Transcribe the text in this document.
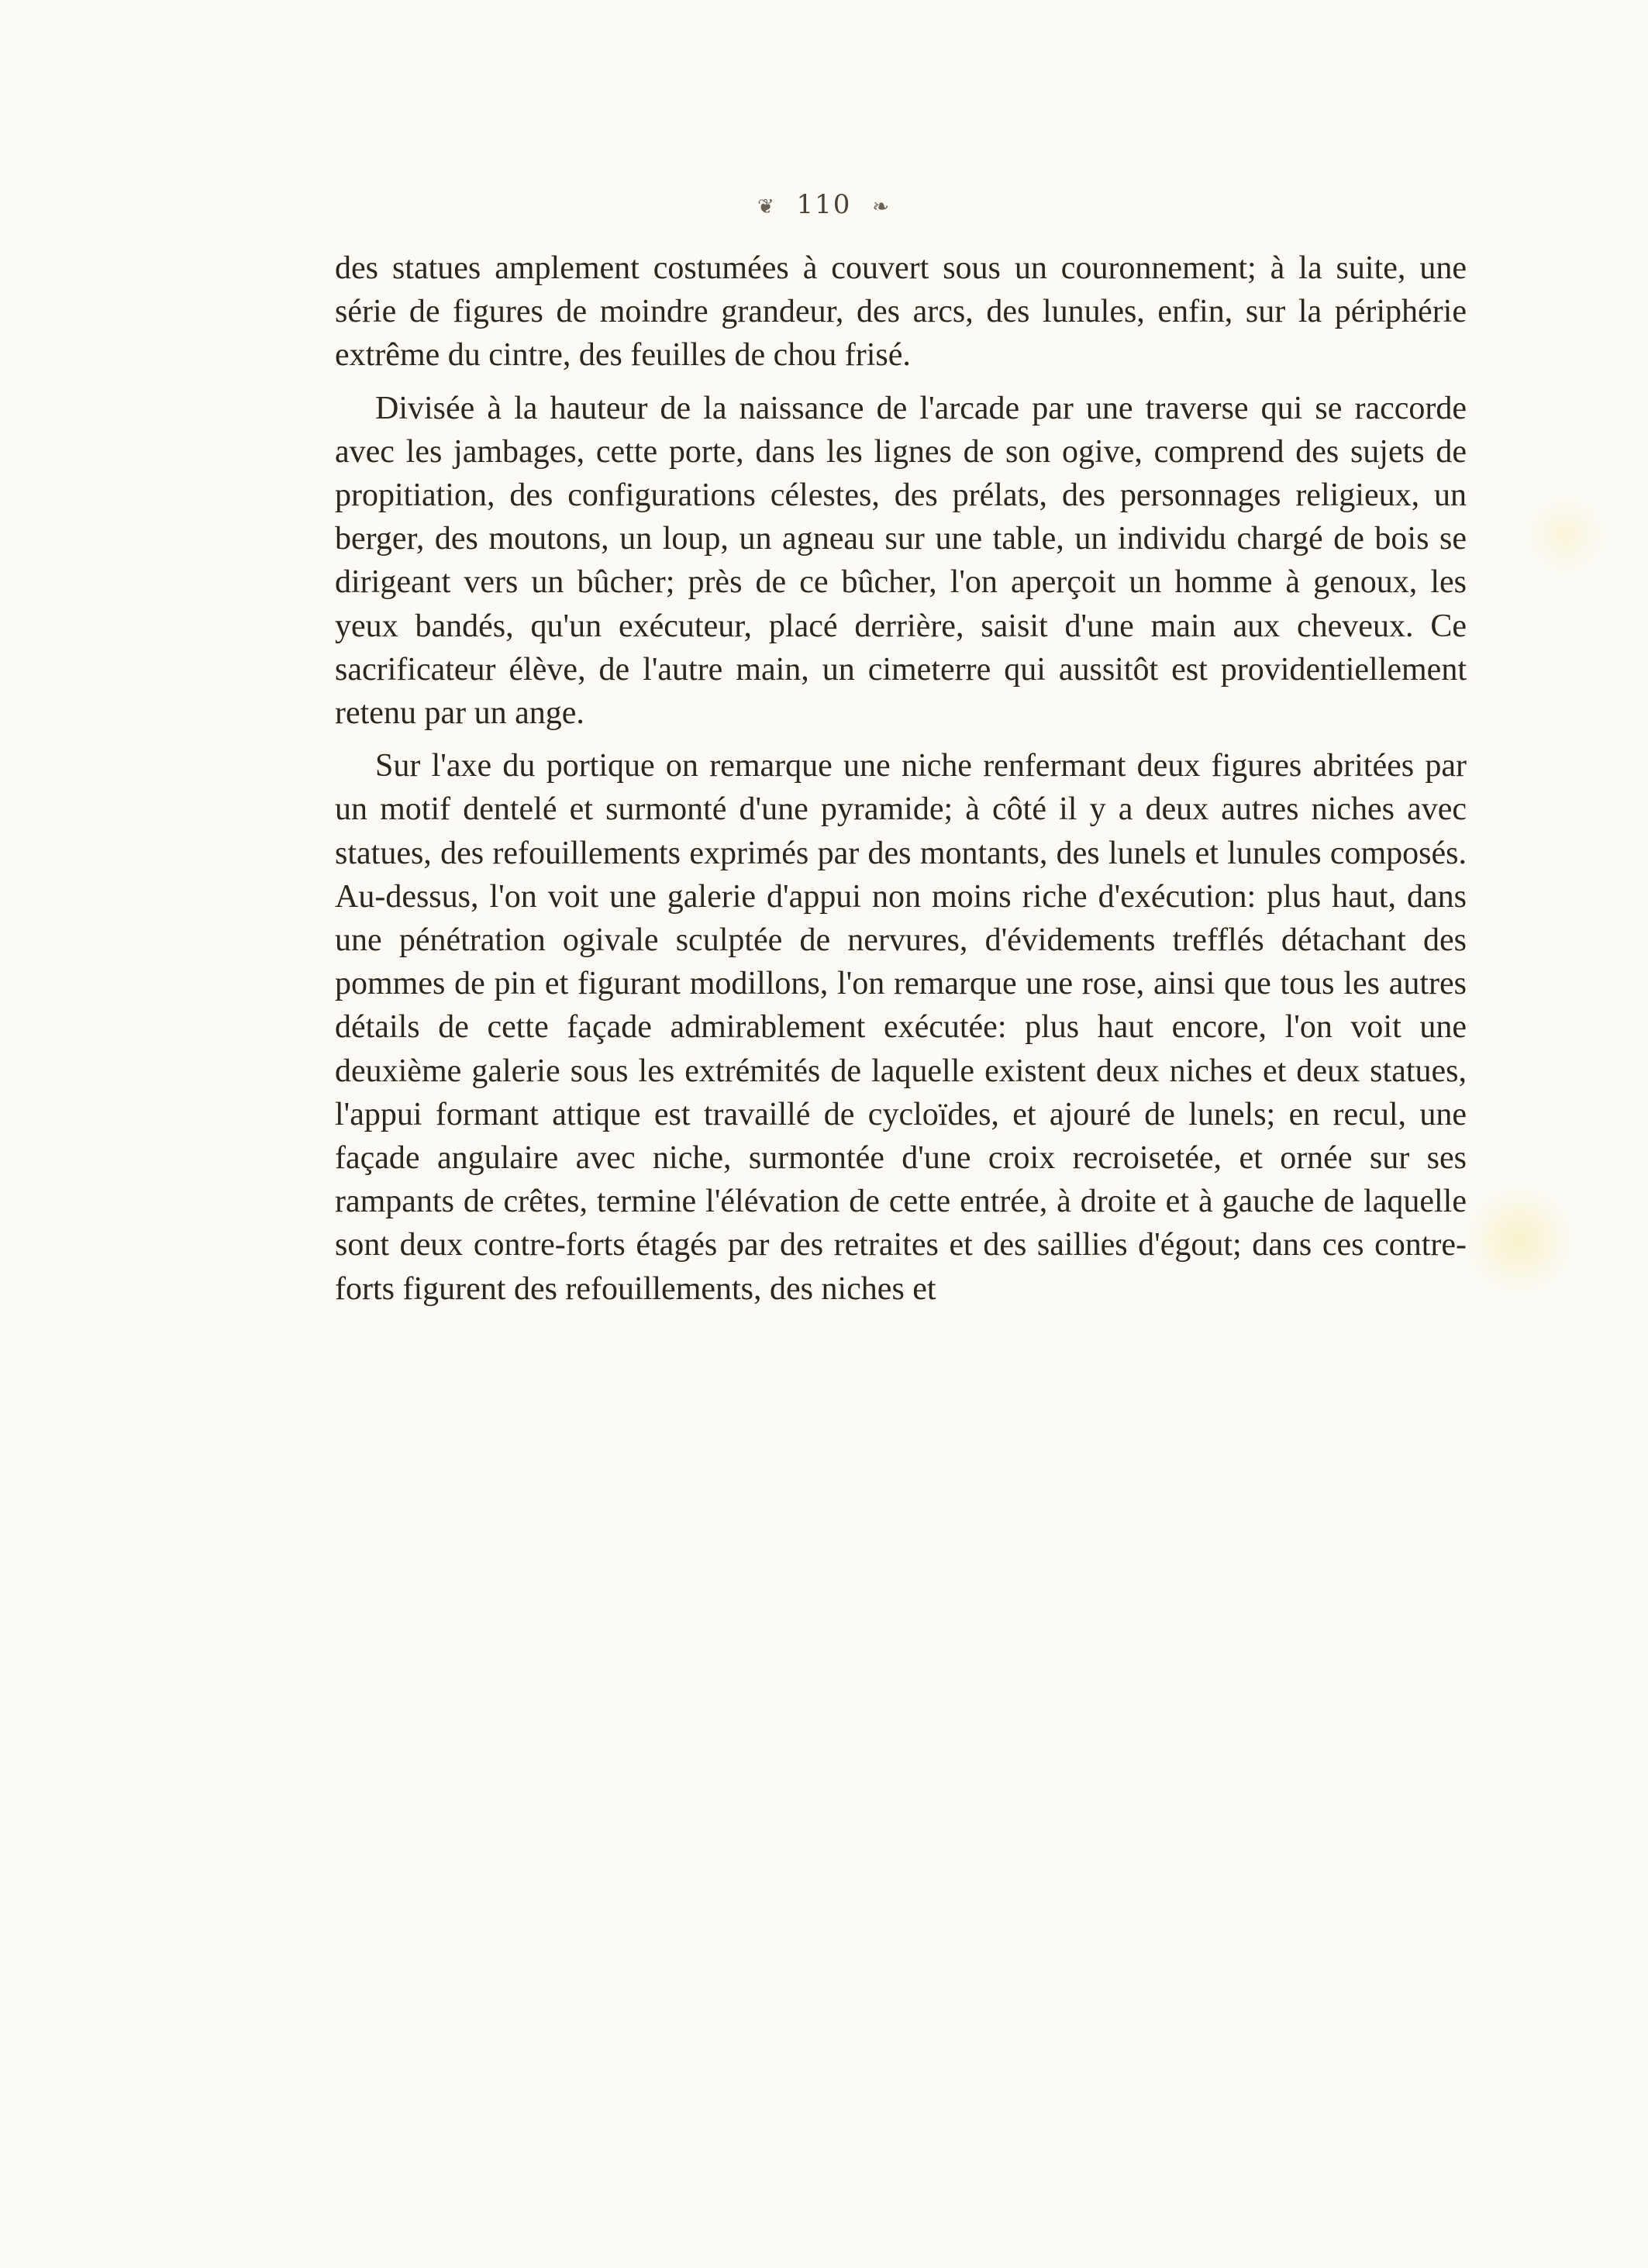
❦ 110 ❧

des statues amplement costumées à couvert sous un couronnement; à la suite, une série de figures de moindre grandeur, des arcs, des lunules, enfin, sur la périphérie extrême du cintre, des feuilles de chou frisé.

Divisée à la hauteur de la naissance de l'arcade par une traverse qui se raccorde avec les jambages, cette porte, dans les lignes de son ogive, comprend des sujets de propitiation, des configurations célestes, des prélats, des personnages religieux, un berger, des moutons, un loup, un agneau sur une table, un individu chargé de bois se dirigeant vers un bûcher; près de ce bûcher, l'on aperçoit un homme à genoux, les yeux bandés, qu'un exécuteur, placé derrière, saisit d'une main aux cheveux. Ce sacrificateur élève, de l'autre main, un cimeterre qui aussitôt est providentiellement retenu par un ange.

Sur l'axe du portique on remarque une niche renfermant deux figures abritées par un motif dentelé et surmonté d'une pyramide; à côté il y a deux autres niches avec statues, des refouillements exprimés par des montants, des lunels et lunules composés. Au-dessus, l'on voit une galerie d'appui non moins riche d'exécution: plus haut, dans une pénétration ogivale sculptée de nervures, d'évidements trefflés détachant des pommes de pin et figurant modillons, l'on remarque une rose, ainsi que tous les autres détails de cette façade admirablement exécutée: plus haut encore, l'on voit une deuxième galerie sous les extrémités de laquelle existent deux niches et deux statues, l'appui formant attique est travaillé de cycloïdes, et ajouré de lunels; en recul, une façade angulaire avec niche, surmontée d'une croix recroisetée, et ornée sur ses rampants de crêtes, termine l'élévation de cette entrée, à droite et à gauche de laquelle sont deux contre-forts étagés par des retraites et des saillies d'égout; dans ces contre-forts figurent des refouillements, des niches et
